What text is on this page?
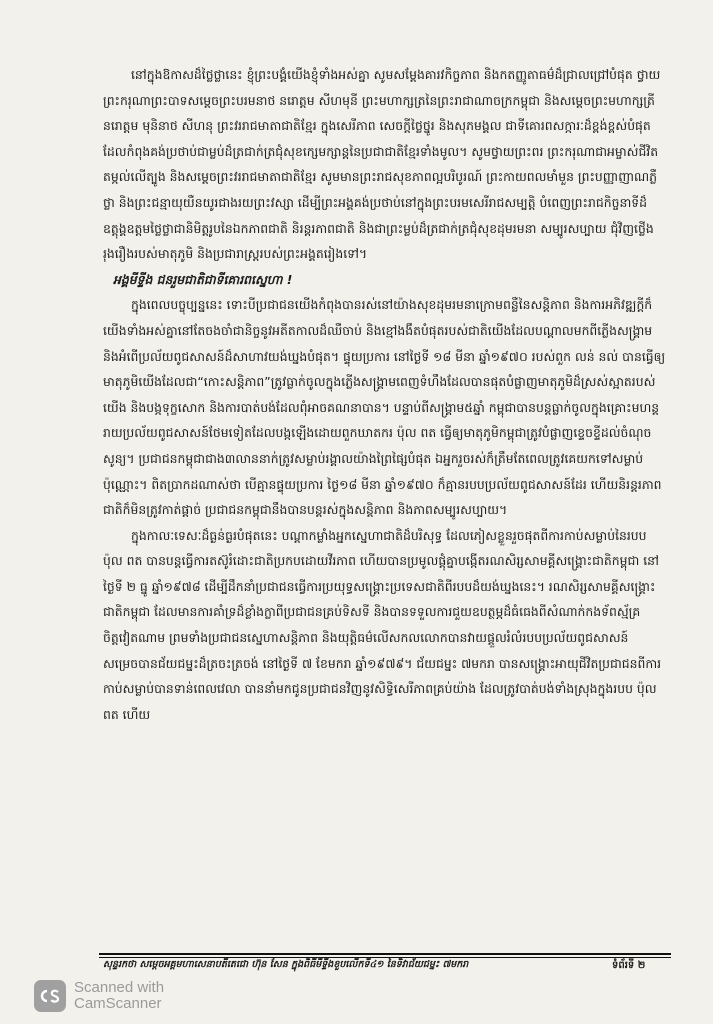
នៅក្នុងឱកាសដ៏ថ្លៃថ្លានេះ ខ្ញុំព្រះបង្គំយើងខ្ញុំទាំងអស់គ្នា សូមសម្តែងគារវកិច្ចភាព និងកតញ្ញូតាធម៌ដ៏ជ្រាលជ្រៅបំផុត ថ្វាយ ព្រះករុណាព្រះបាទសម្តេចព្រះបរមនាថ នរោត្តម សីហមុនី ព្រះមហាក្សត្រនៃព្រះរាជាណាចក្រកម្ពុជា និងសម្តេចព្រះមហាក្សត្រី នរោត្តម មុនិនាថ សីហនុ ព្រះវររាជមាតាជាតិខ្មែរ ក្នុងសេរីភាព សេចក្តីថ្លៃថ្នូរ និងសុភមង្គល ជាទីគោរពសក្ការៈដ៏ខ្ពង់ខ្ពស់បំផុត ដែលកំពុងគង់ប្រថាប់ជាម្លប់ដ៏ត្រជាក់ត្រជុំសុខក្សេមក្សាន្តនៃប្រជាជាតិខ្មែរទាំងមូល។ សូមថ្វាយព្រះពរ ព្រះករុណាជាអម្ចាស់ជីវិតតម្កល់លើត្បូង និងសម្តេចព្រះវររាជមាតាជាតិខ្មែរ សូមមានព្រះរាជសុខភាពល្អបរិបូរណ៍ ព្រះកាយពលមាំមួន ព្រះបញ្ញាញាណភ្លឺថ្លា និងព្រះជន្មាយុយឺនយូរជាងរយព្រះវស្សា ដើម្បីព្រះអង្គគង់ប្រថាប់នៅក្នុងព្រះបរមសេរីរាជសម្បត្តិ បំពេញព្រះរាជកិច្ចនាទីដ៏ឧត្តុង្គឧត្តមថ្លៃថ្លាជានិមិត្តរូបនៃឯកភាពជាតិ និរន្តរភាពជាតិ និងជាព្រះម្លប់ដ៏ត្រជាក់ត្រជុំសុខដុមរមនា សម្បូរសប្បាយ ជុំវិញថ្លើងរុងរឿងរបស់មាតុភូមិ និងប្រជារាស្ត្ររបស់ព្រះអង្គតរៀងទៅ។

អង្គមីទ្ទីង ជនរួមជាតិជាទីគោរពស្នេហា !

ក្នុងពេលបច្ចុប្បន្ននេះ ទោះបីប្រជាជនយើងកំពុងបានរស់នៅយ៉ាងសុខដុមរមនាក្រោមពន្លឺនៃសន្តិភាព និងការអភិវឌ្ឍក្តីក៏យើងទាំងអស់គ្នានៅតែចងចាំជានិច្ចនូវអតីតកាលដ៏ឈឺចាប់ និងខ្មៅងងឹតបំផុតរបស់ជាតិយើងដែលបណ្តាលមកពីភ្លើងសង្គ្រាម និងអំពើប្រល័យពូជសាសន៍ដ៏សាហាវយង់ឃ្នងបំផុត។ ផ្ទុយប្រការ នៅថ្ងៃទី ១៨ មីនា ឆ្នាំ១៩៧០ របស់ពួក លន់ នល់ បានធ្វើឲ្យមាតុភូមិយើងដែលជា“កោះសន្តិភាព”ត្រូវធ្លាក់ចូលក្នុងភ្លើងសង្គ្រាមពេញទំហឹងដែលបានផុតបំផ្លាញមាតុភូមិដ៏ស្រស់ស្អាតរបស់យើង និងបង្កទុក្ខសោក និងការបាត់បង់ដែលពុំអាចគណនាបាន។ បន្ទាប់ពីសង្គ្រាម៥ឆ្នាំ កម្ពុជាបានបន្តធ្លាក់ចូលក្នុងគ្រោះមហន្តរាយប្រល័យពូជសាសន៍ថែមទៀតដែលបង្កឡើងដោយពួកឃាតករ ប៉ុល ពត ធ្វើឲ្យមាតុភូមិកម្ពុជាត្រូវបំផ្លាញខ្ទេចខ្ទីដល់ចំណុចសូន្យ។ ប្រជាជនកម្ពុជាជាង៣លាននាក់ត្រូវសម្លាប់រង្គាលយ៉ាងព្រៃផ្សៃបំផុត ឯអ្នករួចរស់ក៏ត្រឹមតែពេលត្រូវគេយកទៅសម្លាប់ប៉ុណ្ណោះ។ ពិតប្រាកដណាស់ថា បើគ្មានផ្ទុយប្រការ ថ្ងៃ១៨ មីនា ឆ្នាំ១៩៧០ ក៏គ្មានរបបប្រល័យពូជសាសន៍ដែរ ហើយនិរន្តរភាពជាតិក៏មិនត្រូវកាត់ផ្តាច់ ប្រជាជនកម្ពុជានឹងបានបន្តរស់ក្នុងសន្តិភាព និងភាពសម្បូរសប្បាយ។

ក្នុងកាលៈទេសៈដ៏ធ្ងន់ធ្ងរបំផុតនេះ បណ្តាកម្លាំងអ្នកស្នេហាជាតិដ៏បរិសុទ្ធ ដែលភៀសខ្លួនរួចផុតពីការកាប់សម្លាប់នៃរបប ប៉ុល ពត បានបន្តធ្វើការតស៊ូរំដោះជាតិប្រកបដោយវីរភាព ហើយបានប្រមូលផ្តុំគ្នាបង្កើតរណសិរ្សសាមគ្គីសង្គ្រោះជាតិកម្ពុជា នៅថ្ងៃទី ២ ធ្នូ ឆ្នាំ១៩៧៨ ដើម្បីដឹកនាំប្រជាជនធ្វើការប្រយុទ្ធសង្គ្រោះប្រទេសជាតិពីរបបដ៏យង់ឃ្នងនេះ។ រណសិរ្សសាមគ្គីសង្គ្រោះជាតិកម្ពុជា ដែលមានការគាំទ្រដ៏ខ្លាំងក្លាពីប្រជាជនគ្រប់ទិសទី និងបានទទួលការជួយឧបត្ថម្ភដ៏ធំធេងពីសំណាក់កងទ័ពស្ម័គ្រចិត្តវៀតណាម ព្រមទាំងប្រជាជនស្នេហាសន្តិភាព និងយុត្តិធម៌លើសកលលោកបានវាយផ្តួលរំលំរបបប្រល័យពូជសាសន៍ សម្រេចបានជ័យជម្នះដ៏ត្រចះត្រចង់ នៅថ្ងៃទី ៧ ខែមករា ឆ្នាំ១៩៧៩។ ជ័យជម្នះ ៧មករា បានសង្គ្រោះអាយុជីវិតប្រជាជនពីការកាប់សម្លាប់បានទាន់ពេលវេលា បាននាំមកជូនប្រជាជនវិញនូវសិទ្ធិសេរីភាពគ្រប់យ៉ាង ដែលត្រូវបាត់បង់ទាំងស្រុងក្នុងរបប ប៉ុល ពត ហើយ

សុន្ទរកថា សម្តេចអគ្គមហាសេនាបតីតេជោ ហ៊ុន សែន ក្នុងពិធីមីទ្ទីងខួបលើកទី៤១ នៃទិវាជ័យជម្នះ ៧មករា	ទំព័រទី ២
Scanned with
CamScanner
